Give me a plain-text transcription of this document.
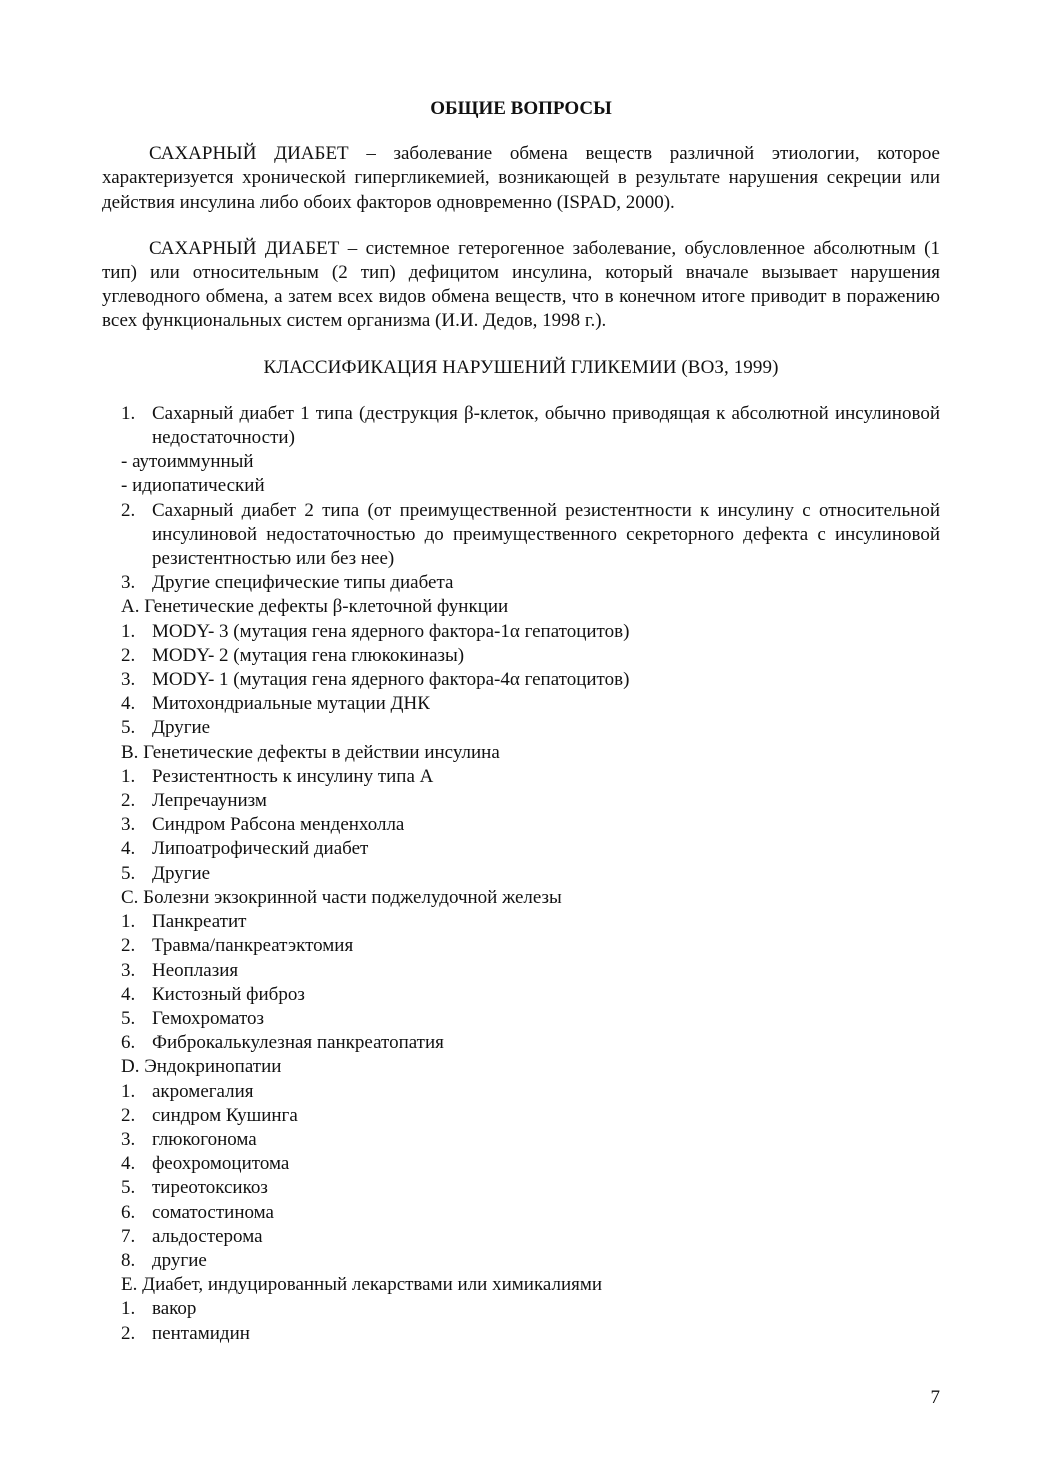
ОБЩИЕ ВОПРОСЫ

САХАРНЫЙ ДИАБЕТ – заболевание обмена веществ различной этиологии, которое характеризуется хронической гипергликемией, возникающей в результате нарушения секреции или действия инсулина либо обоих факторов одновременно (ISPAD, 2000).

САХАРНЫЙ ДИАБЕТ – системное гетерогенное заболевание, обусловленное абсолютным (1 тип) или относительным (2 тип) дефицитом инсулина, который вначале вызывает нарушения углеводного обмена, а затем всех видов обмена веществ, что в конечном итоге приводит в поражению всех функциональных систем организма (И.И. Дедов, 1998 г.).

КЛАССИФИКАЦИЯ НАРУШЕНИЙ ГЛИКЕМИИ (ВОЗ, 1999)
1. Сахарный диабет 1 типа (деструкция β-клеток, обычно приводящая к абсолютной инсулиновой недостаточности)
- аутоиммунный
- идиопатический
2. Сахарный диабет 2 типа (от преимущественной резистентности к инсулину с относительной инсулиновой недостаточностью до преимущественного секреторного дефекта с инсулиновой резистентностью или без нее)
3. Другие специфические типы диабета
A. Генетические дефекты β-клеточной функции
1. MODY- 3 (мутация гена ядерного фактора-1α гепатоцитов)
2. MODY- 2 (мутация гена глюкокиназы)
3. MODY- 1 (мутация гена ядерного фактора-4α гепатоцитов)
4. Митохондриальные мутации ДНК
5. Другие
B. Генетические дефекты в действии инсулина
1. Резистентность к инсулину типа А
2. Лепречаунизм
3. Синдром Рабсона менденхолла
4. Липоатрофический диабет
5. Другие
C. Болезни экзокринной части поджелудочной железы
1. Панкреатит
2. Травма/панкреатэктомия
3. Неоплазия
4. Кистозный фиброз
5. Гемохроматоз
6. Фиброкалькулезная панкреатопатия
D. Эндокринопатии
1. акромегалия
2. синдром Кушинга
3. глюкогонома
4. феохромоцитома
5. тиреотоксикоз
6. соматостинома
7. альдостерома
8. другие
E. Диабет, индуцированный лекарствами или химикалиями
1. вакор
2. пентамидин
7
